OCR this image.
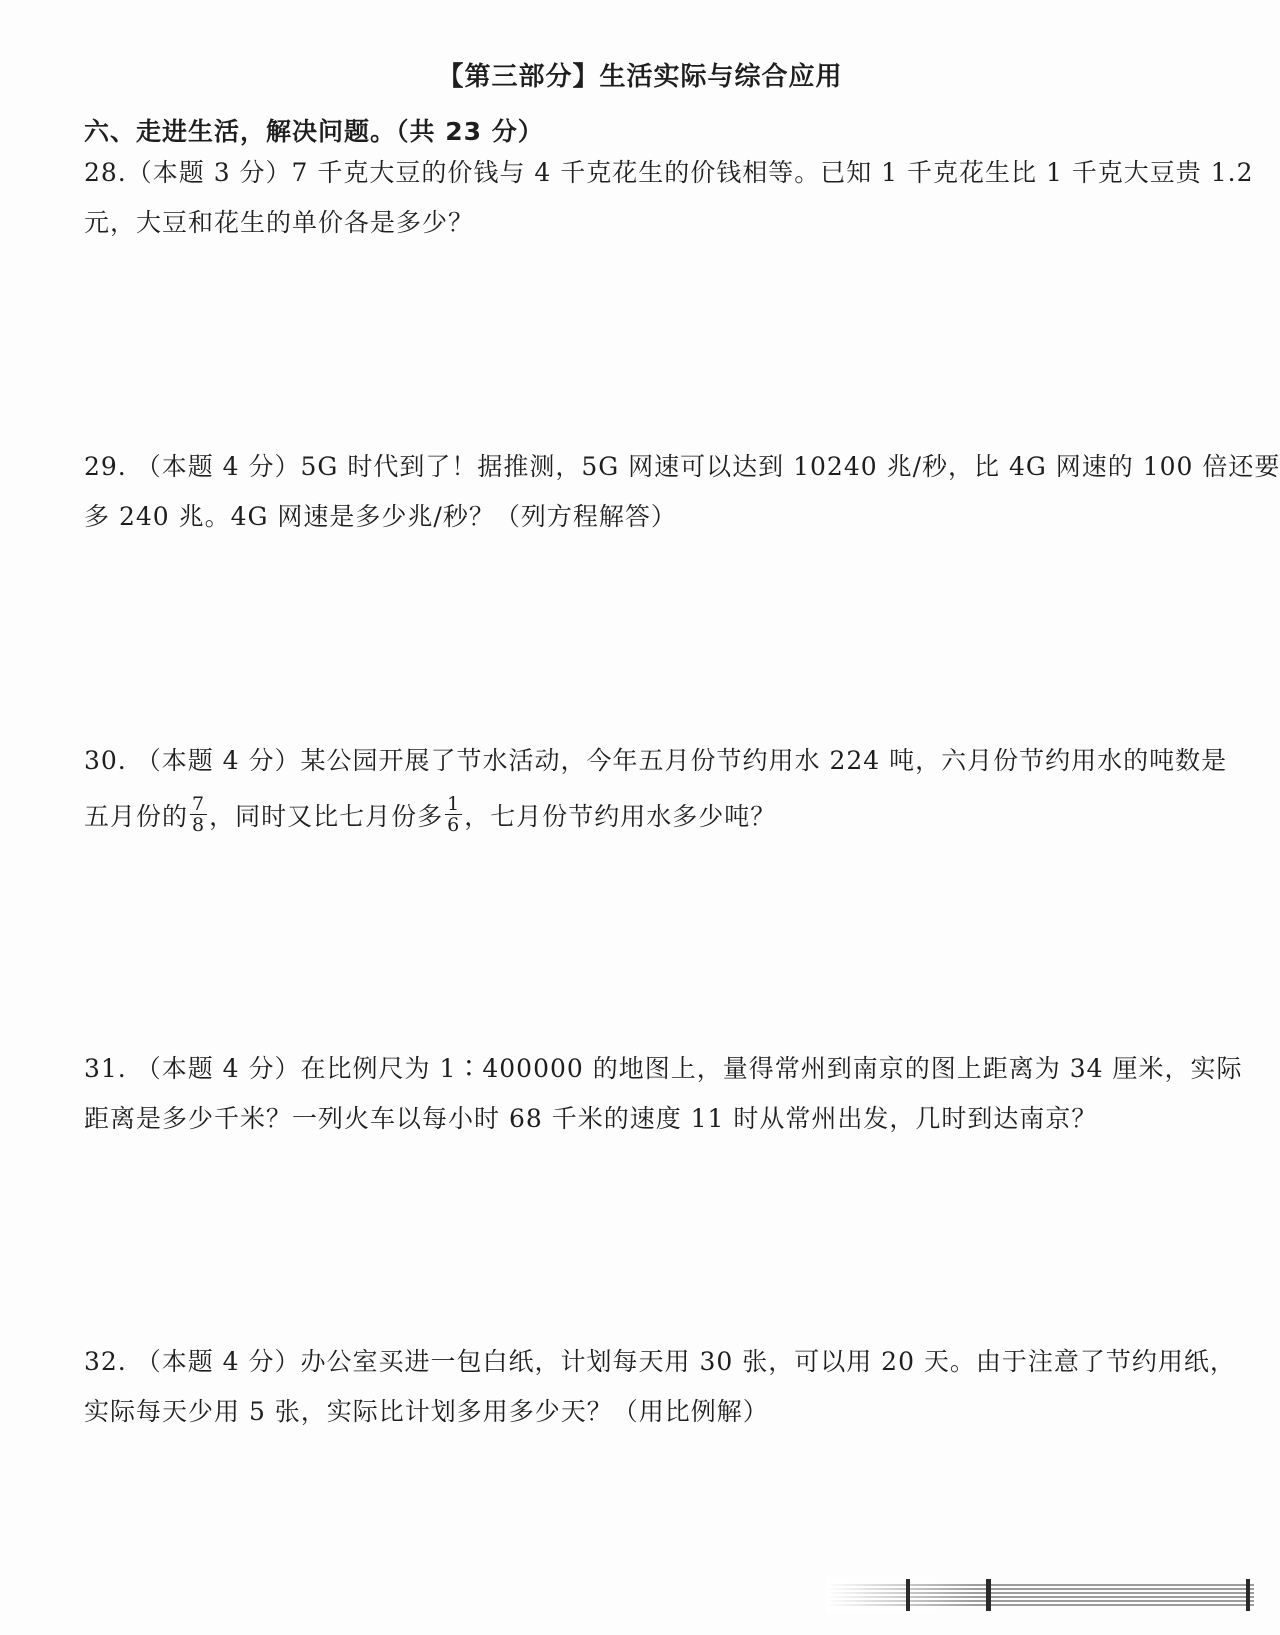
【第三部分】生活实际与综合应用
六、走进生活，解决问题。（共 23 分）
28.（本题 3 分）7 千克大豆的价钱与 4 千克花生的价钱相等。已知 1 千克花生比 1 千克大豆贵 1.2
元，大豆和花生的单价各是多少？
29. （本题 4 分）5G 时代到了！据推测，5G 网速可以达到 10240 兆/秒，比 4G 网速的 100 倍还要
多 240 兆。4G 网速是多少兆/秒？（列方程解答）
30. （本题 4 分）某公园开展了节水活动，今年五月份节约用水 224 吨，六月份节约用水的吨数是
五月份的 $\frac{7}{8}$ ，同时又比七月份多 $\frac{1}{6}$ ，七月份节约用水多少吨？
31. （本题 4 分）在比例尺为 1∶400000 的地图上，量得常州到南京的图上距离为 34 厘米，实际
距离是多少千米？一列火车以每小时 68 千米的速度 11 时从常州出发，几时到达南京？
32. （本题 4 分）办公室买进一包白纸，计划每天用 30 张，可以用 20 天。由于注意了节约用纸，
实际每天少用 5 张，实际比计划多用多少天？（用比例解）
